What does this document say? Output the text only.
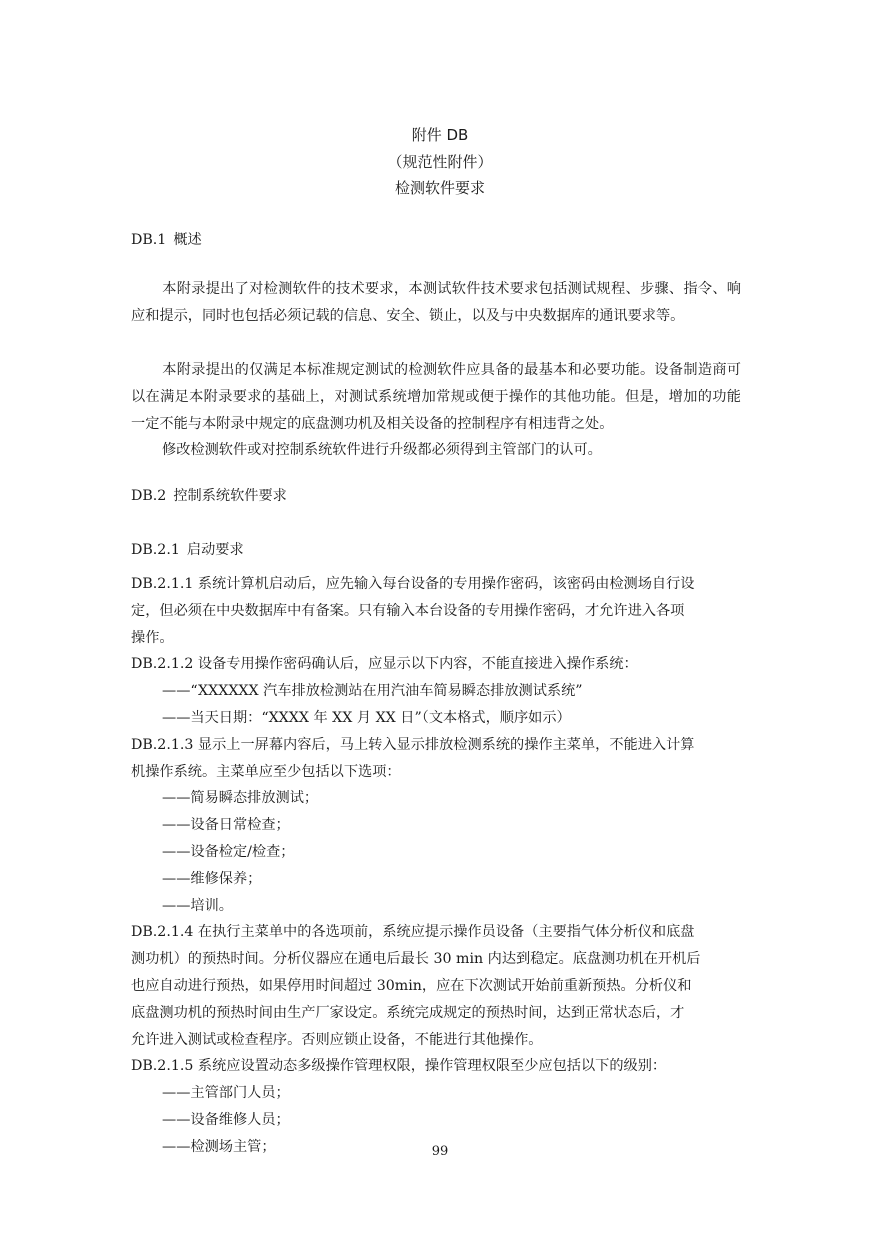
附件 DB
（规范性附件）
检测软件要求
DB.1 概述
本附录提出了对检测软件的技术要求，本测试软件技术要求包括测试规程、步骤、指令、响应和提示，同时也包括必须记载的信息、安全、锁止，以及与中央数据库的通讯要求等。
本附录提出的仅满足本标准规定测试的检测软件应具备的最基本和必要功能。设备制造商可以在满足本附录要求的基础上，对测试系统增加常规或便于操作的其他功能。但是，增加的功能一定不能与本附录中规定的底盘测功机及相关设备的控制程序有相违背之处。
修改检测软件或对控制系统软件进行升级都必须得到主管部门的认可。
DB.2 控制系统软件要求
DB.2.1 启动要求
DB.2.1.1 系统计算机启动后，应先输入每台设备的专用操作密码，该密码由检测场自行设
定，但必须在中央数据库中有备案。只有输入本台设备的专用操作密码，才允许进入各项
操作。
DB.2.1.2 设备专用操作密码确认后，应显示以下内容，不能直接进入操作系统：
——“XXXXXX 汽车排放检测站在用汽油车简易瞬态排放测试系统”
——当天日期：“XXXX 年 XX 月 XX 日”（文本格式，顺序如示）
DB.2.1.3 显示上一屏幕内容后，马上转入显示排放检测系统的操作主菜单，不能进入计算
机操作系统。主菜单应至少包括以下选项：
——简易瞬态排放测试；
——设备日常检查；
——设备检定/检查；
——维修保养；
——培训。
DB.2.1.4 在执行主菜单中的各选项前，系统应提示操作员设备（主要指气体分析仪和底盘
测功机）的预热时间。分析仪器应在通电后最长 30 min 内达到稳定。底盘测功机在开机后
也应自动进行预热，如果停用时间超过 30min，应在下次测试开始前重新预热。分析仪和
底盘测功机的预热时间由生产厂家设定。系统完成规定的预热时间，达到正常状态后，才
允许进入测试或检查程序。否则应锁止设备，不能进行其他操作。
DB.2.1.5 系统应设置动态多级操作管理权限，操作管理权限至少应包括以下的级别：
——主管部门人员；
——设备维修人员；
——检测场主管；	99
